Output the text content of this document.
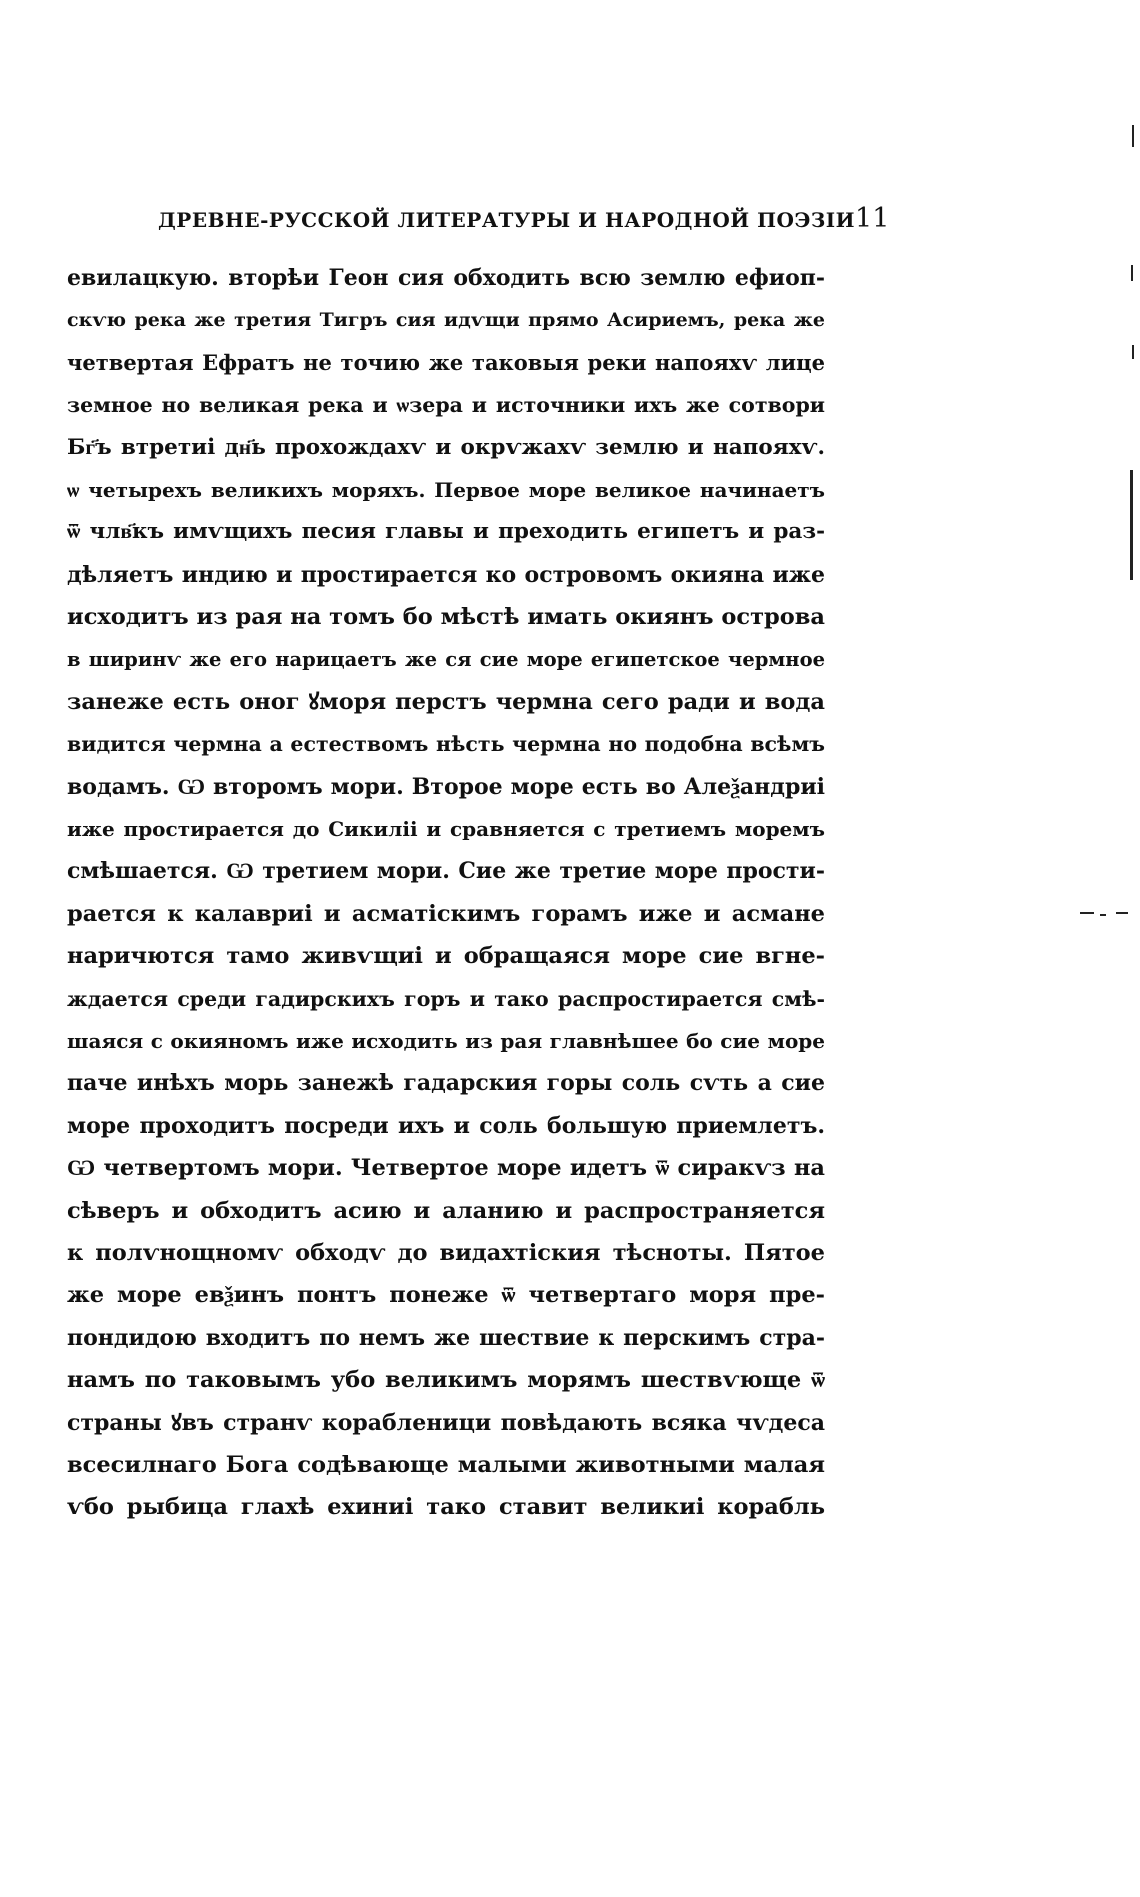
ДРЕВНЕ-РУССКОЙ ЛИТЕРАТУРЫ И НАРОДНОЙ ПОЭЗІИ 11
евилацкую. вторѣи Геон сия обходить всю землю ефиоп-
скѵю река же третия Тигръ сия идѵщи прямо Асириемъ, река же
четвертая Ефратъ не точию же таковыя реки напояхѵ лице
земное но великая река и ѡзера и источники ихъ же сотвори
Бг҃ъ втретиі дн҃ь прохождахѵ и окрѵжахѵ землю и напояхѵ.
ѡ четырехъ великихъ моряхъ. Первое море великое начинаетъ
ѿ члв҃къ имѵщихъ песия главы и преходить египетъ и раз-
дѣляетъ индию и простирается ко островомъ окияна иже
исходитъ из рая на томъ бо мѣстѣ имать окиянъ острова
в ширинѵ же его нарицаетъ же ся сие море египетское чермное
занеже есть оног ꙋморя перстъ чермна сего ради и вода
видится чермна а естествомъ нѣсть чермна но подобна всѣмъ
водамъ. Ѡ второмъ мори. Второе море есть во Алеѯандриі
иже простирается до Сикиліі и сравняется с третиемъ моремъ
смѣшается. Ѡ третием мори. Сие же третие море прости-
рается к калавриі и асматіскимъ горамъ иже и асмане
наричются тамо живѵщиі и обращаяся море сие вгне-
ждается среди гадирскихъ горъ и тако распростирается смѣ-
шаяся с окияномъ иже исходить из рая главнѣшее бо сие море
паче инѣхъ морь занежѣ гадарския горы соль сѵть а сие
море проходитъ посреди ихъ и соль большую приемлетъ.
Ѡ четвертомъ мори. Четвертое море идетъ ѿ сиракѵз на
сѣверъ и обходитъ асию и аланию и распространяется
к полѵнощномѵ обходѵ до видахтіския тѣсноты. Пятое
же море евѯинъ понтъ понеже ѿ четвертаго моря пре-
пондидою входитъ по немъ же шествие к перскимъ стра-
намъ по таковымъ убо великимъ морямъ шествѵюще ѿ
страны ꙋвъ странѵ корабленици повѣдають всяка чѵдеса
всесилнаго Бога содѣвающе малыми животными малая
ѵбо рыбица глахѣ ехиниі тако ставит великиі корабль
